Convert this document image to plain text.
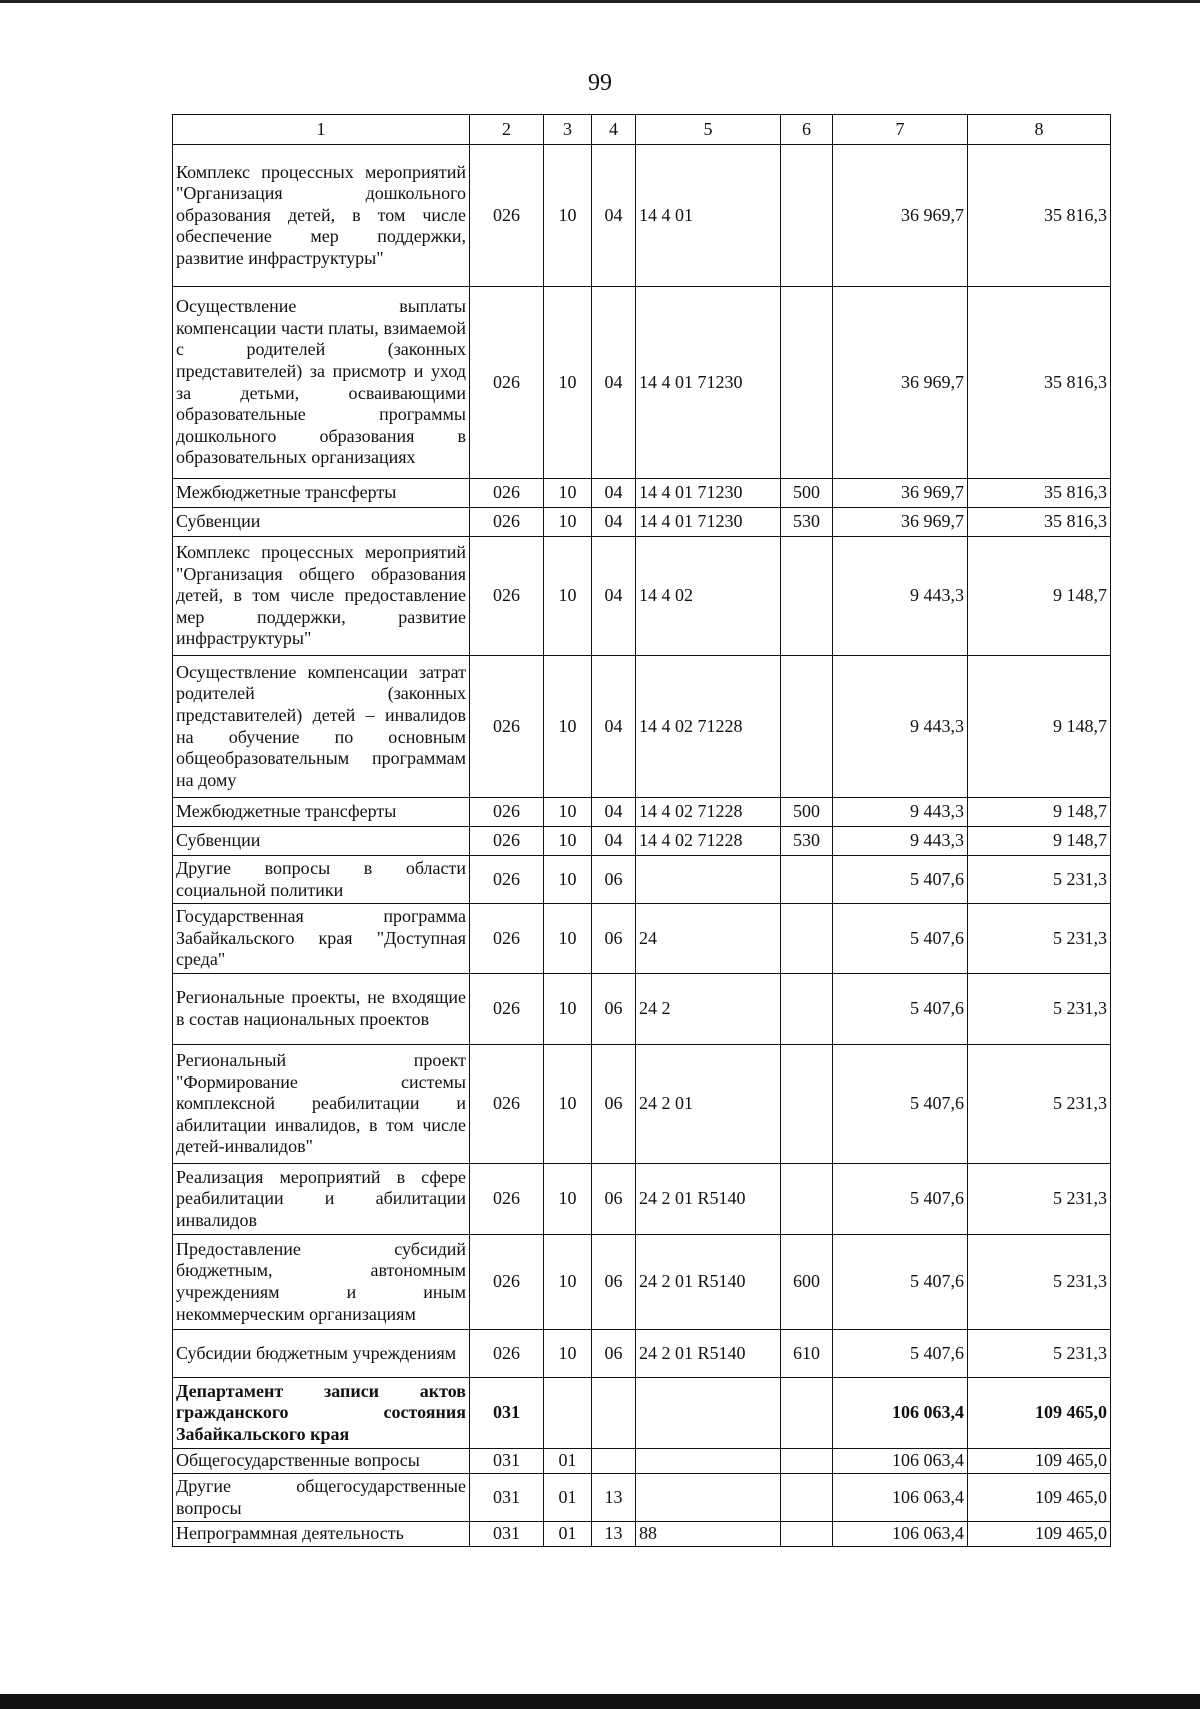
99
1	2	3	4	5	6	7	8
Комплекс процессных мероприятий "Организация дошкольного образования детей, в том числе обеспечение мер поддержки, развитие инфраструктуры"	026	10	04	14 4 01		36 969,7	35 816,3
Осуществление выплаты компенсации части платы, взимаемой с родителей (законных представителей) за присмотр и уход за детьми, осваивающими образовательные программы дошкольного образования в образовательных организациях	026	10	04	14 4 01 71230		36 969,7	35 816,3
Межбюджетные трансферты	026	10	04	14 4 01 71230	500	36 969,7	35 816,3
Субвенции	026	10	04	14 4 01 71230	530	36 969,7	35 816,3
Комплекс процессных мероприятий "Организация общего образования детей, в том числе предоставление мер поддержки, развитие инфраструктуры"	026	10	04	14 4 02		9 443,3	9 148,7
Осуществление компенсации затрат родителей (законных представителей) детей – инвалидов на обучение по основным общеобразовательным программам на дому	026	10	04	14 4 02 71228		9 443,3	9 148,7
Межбюджетные трансферты	026	10	04	14 4 02 71228	500	9 443,3	9 148,7
Субвенции	026	10	04	14 4 02 71228	530	9 443,3	9 148,7
Другие вопросы в области социальной политики	026	10	06			5 407,6	5 231,3
Государственная программа Забайкальского края "Доступная среда"	026	10	06	24		5 407,6	5 231,3
Региональные проекты, не входящие в состав национальных проектов	026	10	06	24 2		5 407,6	5 231,3
Региональный проект "Формирование системы комплексной реабилитации и абилитации инвалидов, в том числе детей-инвалидов"	026	10	06	24 2 01		5 407,6	5 231,3
Реализация мероприятий в сфере реабилитации и абилитации инвалидов	026	10	06	24 2 01 R5140		5 407,6	5 231,3
Предоставление субсидий бюджетным, автономным учреждениям и иным некоммерческим организациям	026	10	06	24 2 01 R5140	600	5 407,6	5 231,3
Субсидии бюджетным учреждениям	026	10	06	24 2 01 R5140	610	5 407,6	5 231,3
Департамент записи актов гражданского состояния Забайкальского края	031					106 063,4	109 465,0
Общегосударственные вопросы	031	01				106 063,4	109 465,0
Другие общегосударственные вопросы	031	01	13			106 063,4	109 465,0
Непрограммная деятельность	031	01	13	88		106 063,4	109 465,0
